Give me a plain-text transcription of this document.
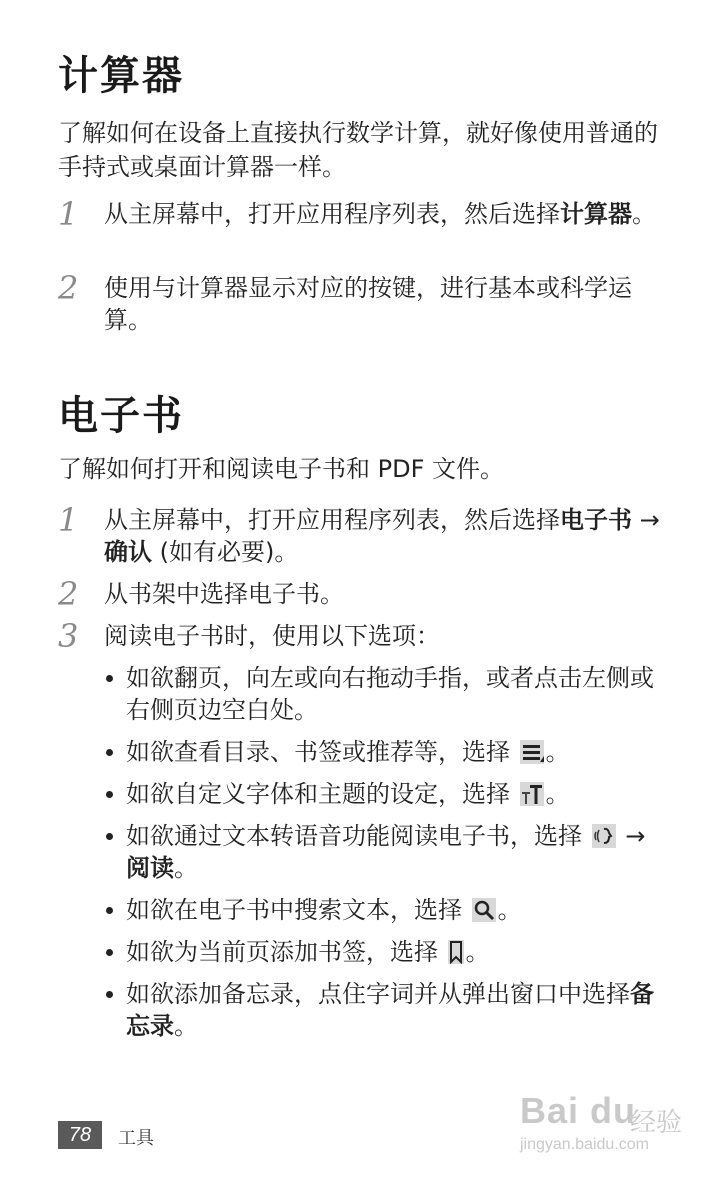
计算器
了解如何在设备上直接执行数学计算，就好像使用普通的手持式或桌面计算器一样。
1	从主屏幕中，打开应用程序列表，然后选择计算器。
2	使用与计算器显示对应的按键，进行基本或科学运算。
电子书
了解如何打开和阅读电子书和 PDF 文件。
1	从主屏幕中，打开应用程序列表，然后选择电子书 → 确认 (如有必要)。
2	从书架中选择电子书。
3	阅读电子书时，使用以下选项：
如欲翻页，向左或向右拖动手指，或者点击左侧或右侧页边空白处。
如欲查看目录、书签或推荐等，选择 。
如欲自定义字体和主题的设定，选择 。
如欲通过文本转语音功能阅读电子书，选择 → 阅读。
如欲在电子书中搜索文本，选择 。
如欲为当前页添加书签，选择 。
如欲添加备忘录，点住字词并从弹出窗口中选择备忘录。
78	工具
Bai du
经验
jingyan.baidu.com
